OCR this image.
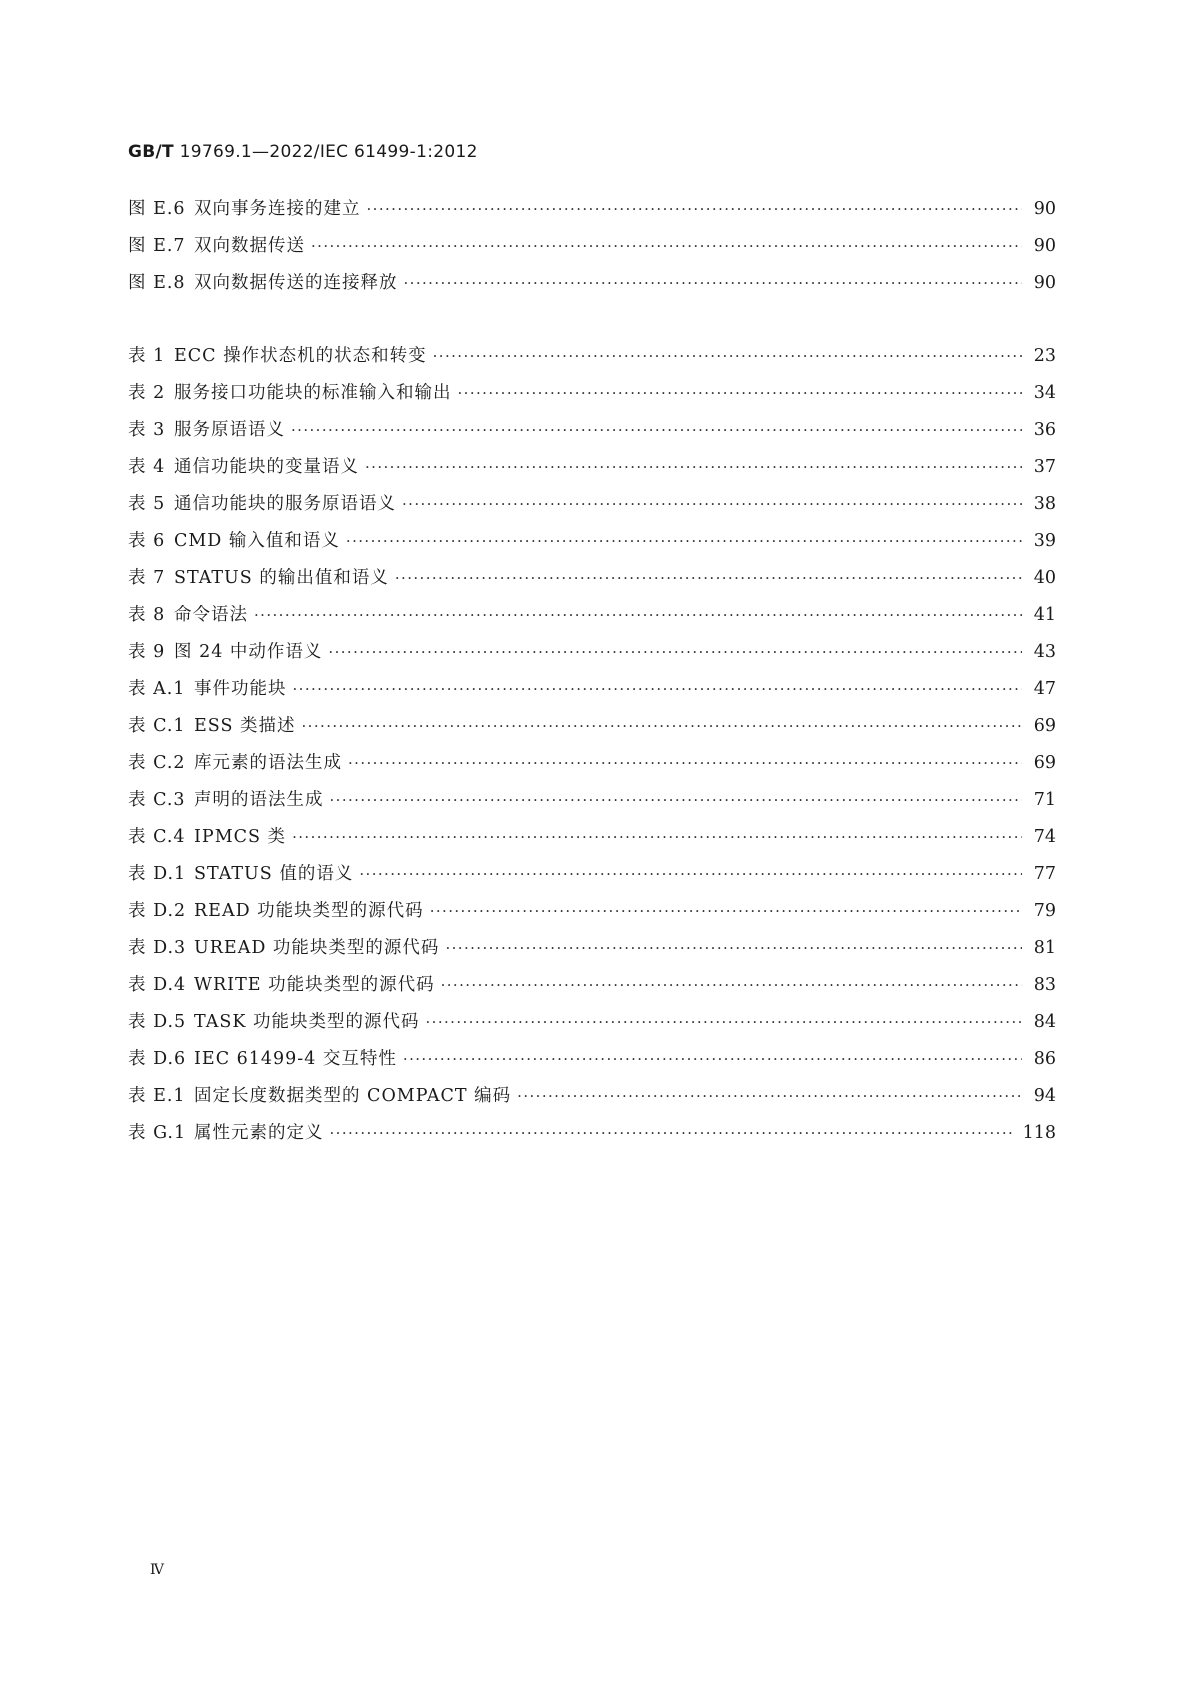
GB/T 19769.1—2022/IEC 61499-1:2012
图 E.6 双向事务连接的建立 ·····	90
图 E.7 双向数据传送 ·····	90
图 E.8 双向数据传送的连接释放 ·····	90
表 1 ECC 操作状态机的状态和转变 ·····	23
表 2 服务接口功能块的标准输入和输出 ·····	34
表 3 服务原语语义 ·····	36
表 4 通信功能块的变量语义 ·····	37
表 5 通信功能块的服务原语语义 ·····	38
表 6 CMD 输入值和语义 ·····	39
表 7 STATUS 的输出值和语义 ·····	40
表 8 命令语法 ·····	41
表 9 图 24 中动作语义 ·····	43
表 A.1 事件功能块 ·····	47
表 C.1 ESS 类描述 ·····	69
表 C.2 库元素的语法生成 ·····	69
表 C.3 声明的语法生成 ·····	71
表 C.4 IPMCS 类 ·····	74
表 D.1 STATUS 值的语义 ·····	77
表 D.2 READ 功能块类型的源代码 ·····	79
表 D.3 UREAD 功能块类型的源代码 ·····	81
表 D.4 WRITE 功能块类型的源代码 ·····	83
表 D.5 TASK 功能块类型的源代码 ·····	84
表 D.6 IEC 61499-4 交互特性 ·····	86
表 E.1 固定长度数据类型的 COMPACT 编码 ·····	94
表 G.1 属性元素的定义 ·····	118
Ⅳ
